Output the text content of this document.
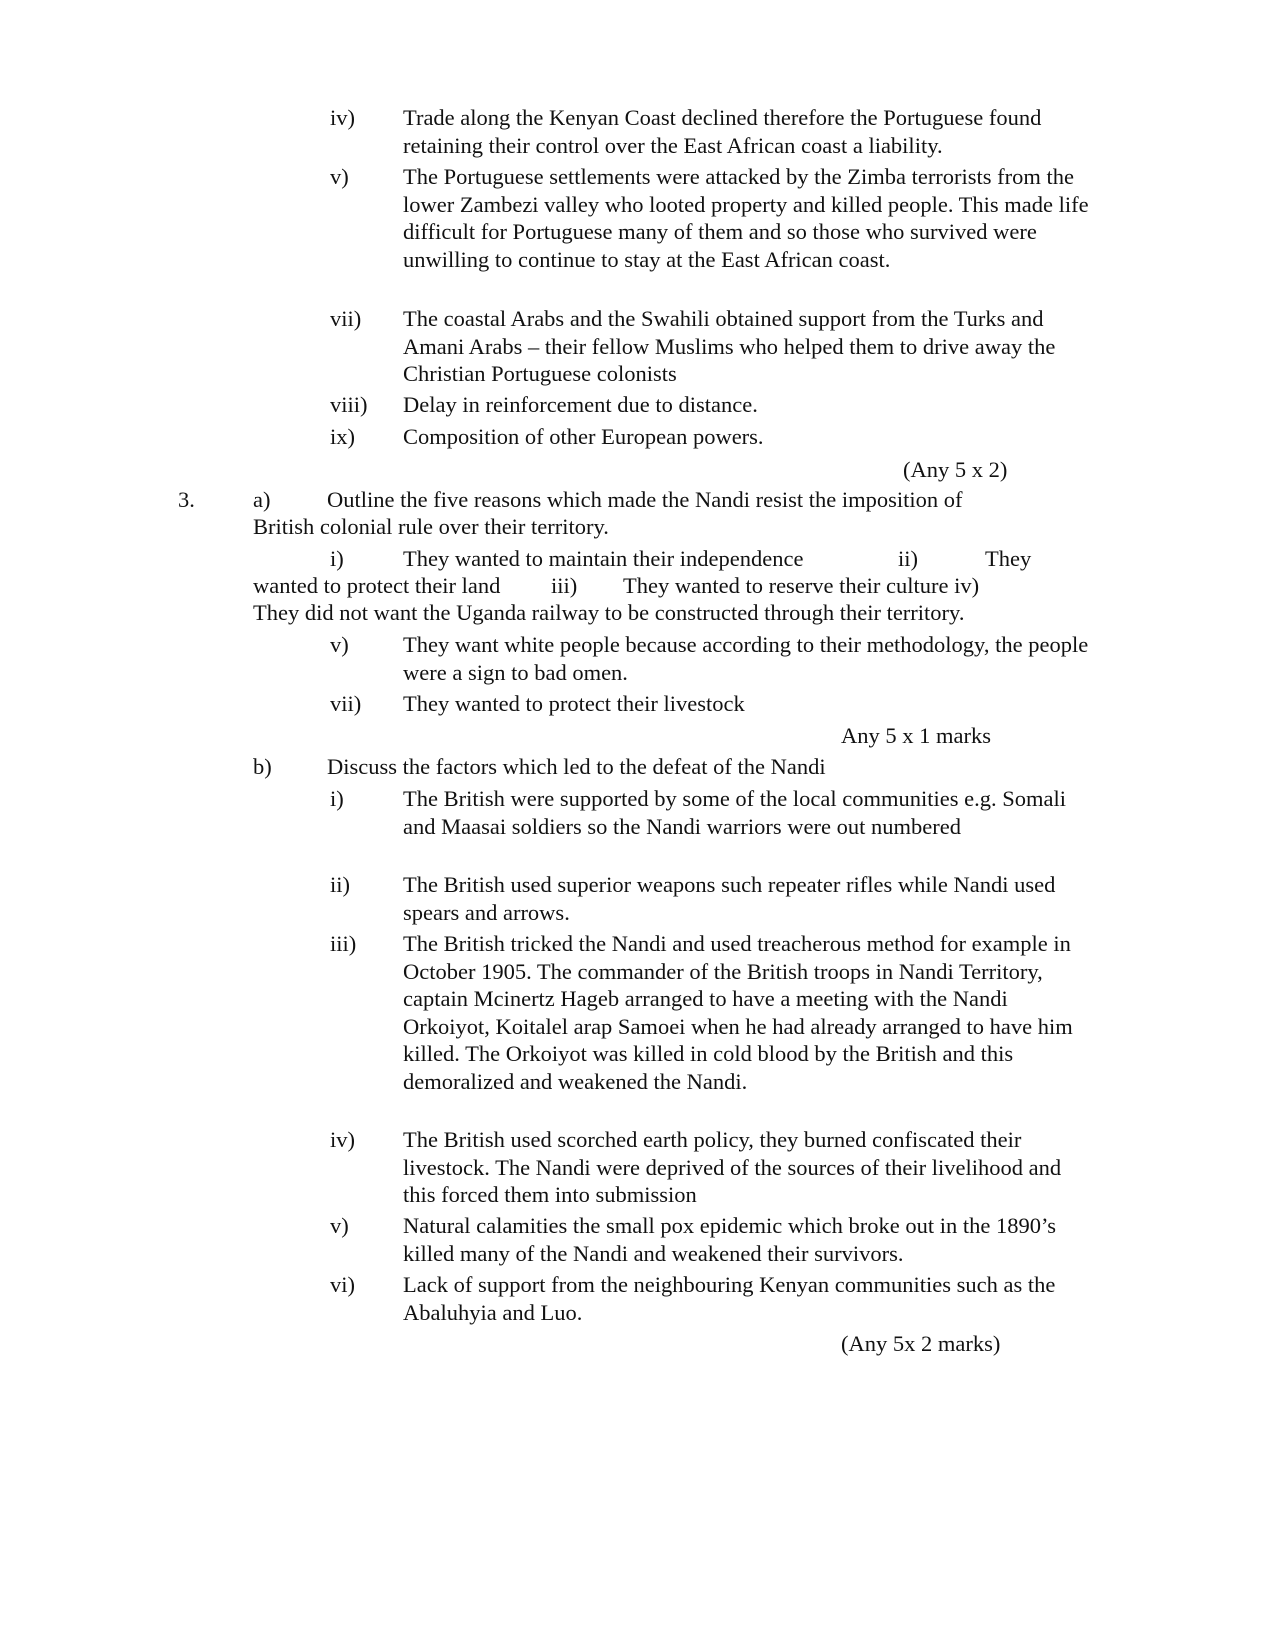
iv) Trade along the Kenyan Coast declined therefore the Portuguese found retaining their control over the East African coast a liability.
v) The Portuguese settlements were attacked by the Zimba terrorists from the lower Zambezi valley who looted property and killed people. This made life difficult for Portuguese many of them and so those who survived were unwilling to continue to stay at the East African coast.
vii) The coastal Arabs and the Swahili obtained support from the Turks and Amani Arabs – their fellow Muslims who helped them to drive away the Christian Portuguese colonists
viii) Delay in reinforcement due to distance.
ix) Composition of other European powers.
(Any 5 x 2)
3.	a)	Outline the five reasons which made the Nandi resist the imposition of
British colonial rule over their territory.
i)	They wanted to maintain their independence	ii)	They
wanted to protect their land iii) They wanted to reserve their culture iv)
They did not want the Uganda railway to be constructed through their territory.
v) They want white people because according to their methodology, the people were a sign to bad omen.
vii) They wanted to protect their livestock
Any 5 x 1 marks
b) Discuss the factors which led to the defeat of the Nandi
i)	The British were supported by some of the local communities e.g. Somali and Maasai soldiers so the Nandi warriors were out numbered
ii) The British used superior weapons such repeater rifles while Nandi used spears and arrows.
iii) The British tricked the Nandi and used treacherous method for example in October 1905. The commander of the British troops in Nandi Territory, captain Mcinertz Hageb arranged to have a meeting with the Nandi Orkoiyot, Koitalel arap Samoei when he had already arranged to have him killed. The Orkoiyot was killed in cold blood by the British and this demoralized and weakened the Nandi.
iv) The British used scorched earth policy, they burned confiscated their livestock. The Nandi were deprived of the sources of their livelihood and this forced them into submission
v) Natural calamities the small pox epidemic which broke out in the 1890’s killed many of the Nandi and weakened their survivors.
vi) Lack of support from the neighbouring Kenyan communities such as the Abaluhyia and Luo.
(Any 5x 2 marks)
